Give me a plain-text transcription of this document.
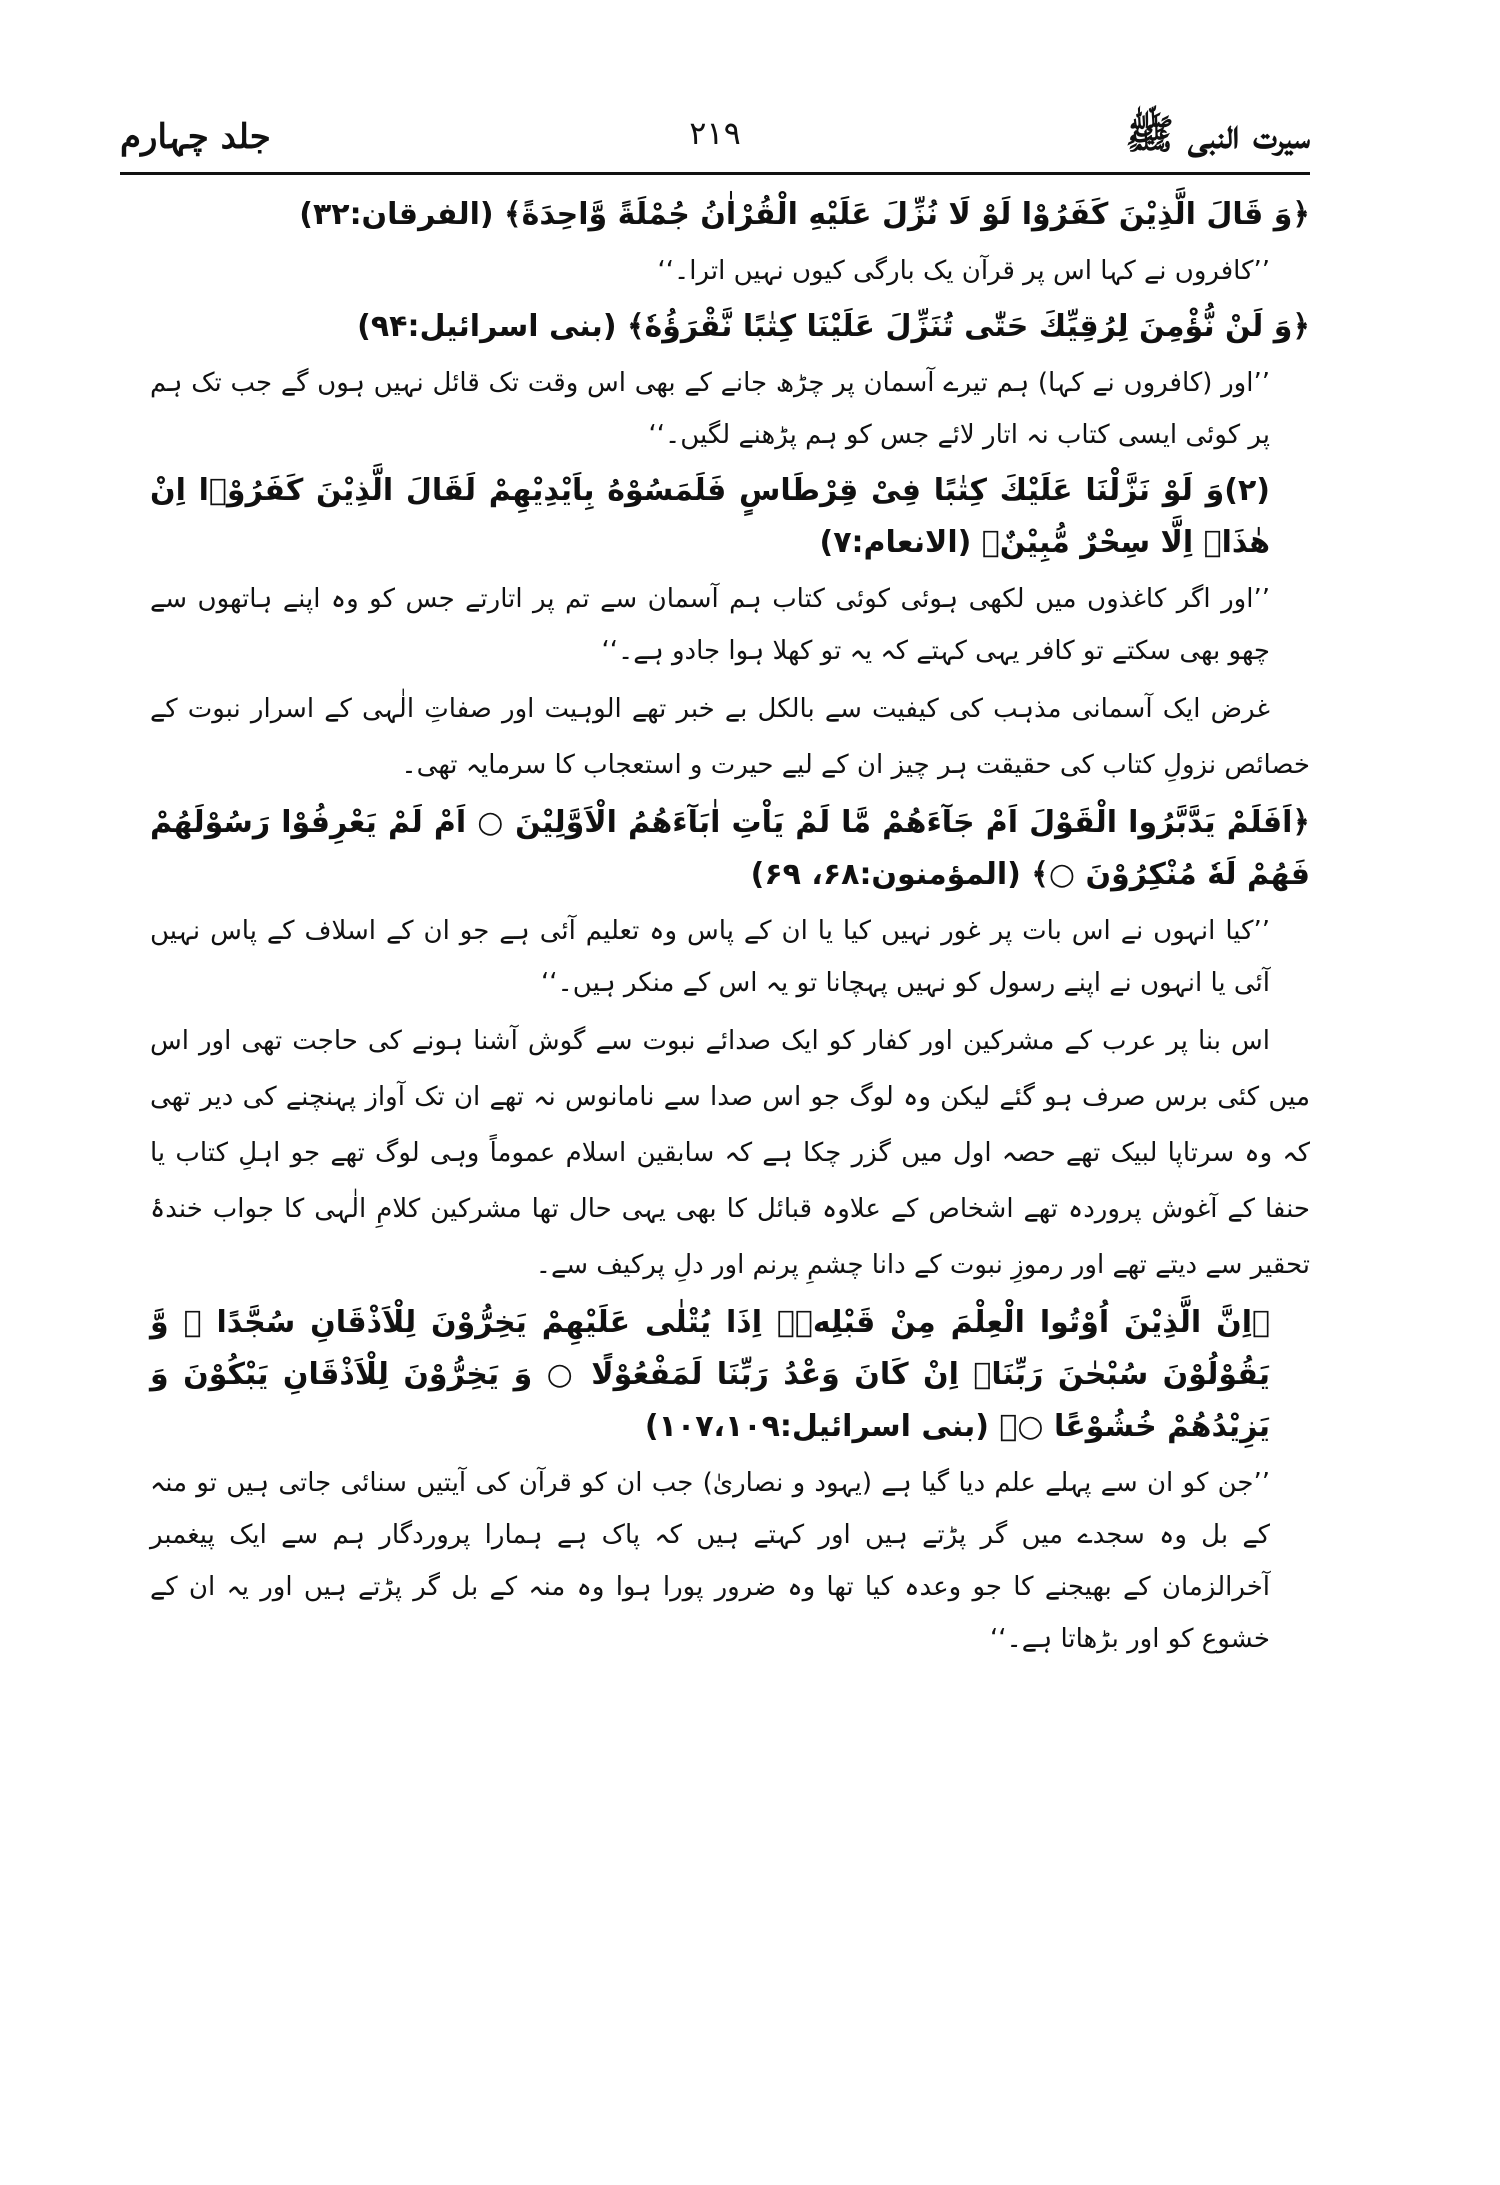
سیرت النبی ﷺ
۲۱۹
جلد چہارم

﴿وَ قَالَ الَّذِیْنَ كَفَرُوْا لَوْ لَا نُزِّلَ عَلَیْهِ الْقُرْاٰنُ جُمْلَةً وَّاحِدَةً﴾ (الفرقان:۳۲)

’’کافروں نے کہا اس پر قرآن یک بارگی کیوں نہیں اترا۔‘‘

﴿وَ لَنْ نُّؤْمِنَ لِرُقِیِّكَ حَتّٰى تُنَزِّلَ عَلَیْنَا كِتٰبًا نَّقْرَؤُهٗ﴾ (بنی اسرائیل:۹۴)

’’اور (کافروں نے کہا) ہم تیرے آسمان پر چڑھ جانے کے بھی اس وقت تک قائل نہیں ہوں گے جب تک ہم پر کوئی ایسی کتاب نہ اتار لائے جس کو ہم پڑھنے لگیں۔‘‘

(۲)وَ لَوْ نَزَّلْنَا عَلَیْكَ كِتٰبًا فِیْ قِرْطَاسٍ فَلَمَسُوْهُ بِاَیْدِیْهِمْ لَقَالَ الَّذِیْنَ كَفَرُوْۤا اِنْ هٰذَاۤ اِلَّا سِحْرٌ مُّبِیْنٌ﴾ (الانعام:۷)

’’اور اگر کاغذوں میں لکھی ہوئی کوئی کتاب ہم آسمان سے تم پر اتارتے جس کو وہ اپنے ہاتھوں سے چھو بھی سکتے تو کافر یہی کہتے کہ یہ تو کھلا ہوا جادو ہے۔‘‘

غرض ایک آسمانی مذہب کی کیفیت سے بالکل بے خبر تھے الوہیت اور صفاتِ الٰہی کے اسرار نبوت کے خصائص نزولِ کتاب کی حقیقت ہر چیز ان کے لیے حیرت و استعجاب کا سرمایہ تھی۔

﴿اَفَلَمْ یَدَّبَّرُوا الْقَوْلَ اَمْ جَآءَهُمْ مَّا لَمْ یَاْتِ اٰبَآءَهُمُ الْاَوَّلِیْنَ ○ اَمْ لَمْ یَعْرِفُوْا رَسُوْلَهُمْ فَهُمْ لَهٗ مُنْكِرُوْنَ ○﴾ (المؤمنون:۶۸، ۶۹)

’’کیا انہوں نے اس بات پر غور نہیں کیا یا ان کے پاس وہ تعلیم آئی ہے جو ان کے اسلاف کے پاس نہیں آئی یا انہوں نے اپنے رسول کو نہیں پہچانا تو یہ اس کے منکر ہیں۔‘‘

اس بنا پر عرب کے مشرکین اور کفار کو ایک صدائے نبوت سے گوش آشنا ہونے کی حاجت تھی اور اس میں کئی برس صرف ہو گئے لیکن وہ لوگ جو اس صدا سے نامانوس نہ تھے ان تک آواز پہنچنے کی دیر تھی کہ وہ سرتاپا لبیک تھے حصہ اول میں گزر چکا ہے کہ سابقین اسلام عموماً وہی لوگ تھے جو اہلِ کتاب یا حنفا کے آغوش پروردہ تھے اشخاص کے علاوہ قبائل کا بھی یہی حال تھا مشرکین کلامِ الٰہی کا جواب خندۂ تحقیر سے دیتے تھے اور رموزِ نبوت کے دانا چشمِ پرنم اور دلِ پرکیف سے۔

﴿اِنَّ الَّذِیْنَ اُوْتُوا الْعِلْمَ مِنْ قَبْلِهٖۤ اِذَا یُتْلٰى عَلَیْهِمْ یَخِرُّوْنَ لِلْاَذْقَانِ سُجَّدًا ۙ وَّ یَقُوْلُوْنَ سُبْحٰنَ رَبِّنَاۤ اِنْ كَانَ وَعْدُ رَبِّنَا لَمَفْعُوْلًا ○ وَ یَخِرُّوْنَ لِلْاَذْقَانِ یَبْكُوْنَ وَ یَزِیْدُهُمْ خُشُوْعًا ○﴾ (بنی اسرائیل:۱۰۷،۱۰۹)

’’جن کو ان سے پہلے علم دیا گیا ہے (یہود و نصاریٰ) جب ان کو قرآن کی آیتیں سنائی جاتی ہیں تو منہ کے بل وہ سجدے میں گر پڑتے ہیں اور کہتے ہیں کہ پاک ہے ہمارا پروردگار ہم سے ایک پیغمبر آخرالزمان کے بھیجنے کا جو وعدہ کیا تھا وہ ضرور پورا ہوا وہ منہ کے بل گر پڑتے ہیں اور یہ ان کے خشوع کو اور بڑھاتا ہے۔‘‘
